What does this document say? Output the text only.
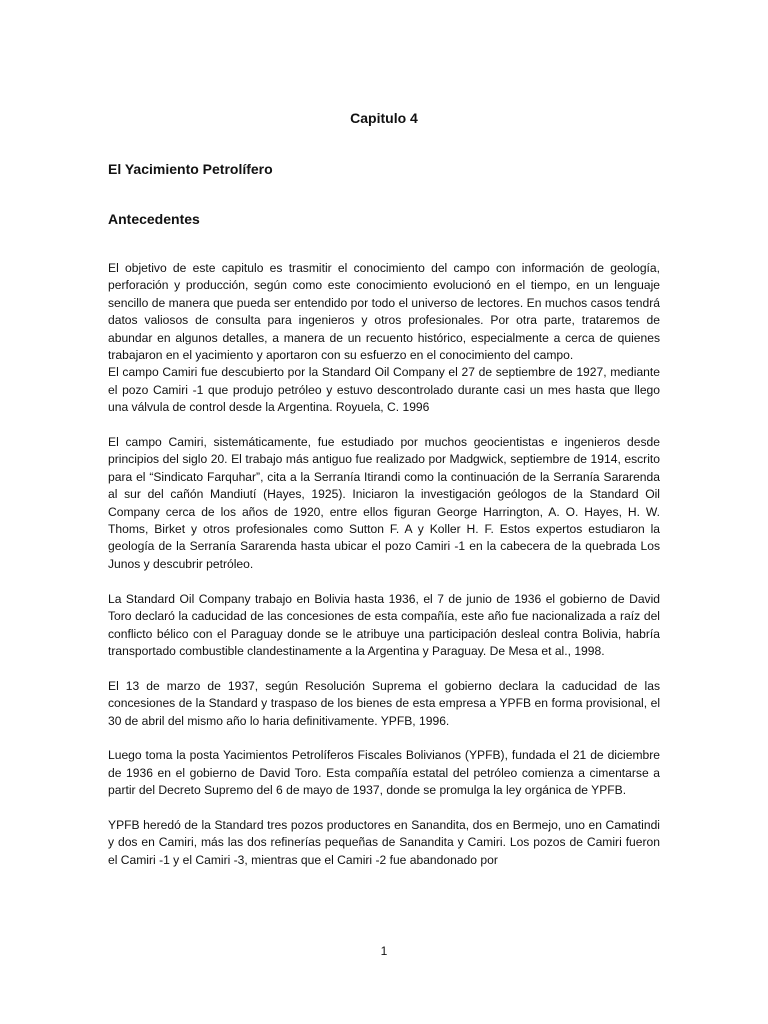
Capitulo 4
El Yacimiento Petrolífero
Antecedentes

El objetivo de este capitulo es trasmitir el conocimiento del campo con información de geología, perforación y producción, según como este conocimiento evolucionó en el tiempo, en un lenguaje sencillo de manera que pueda ser entendido por todo el universo de lectores. En muchos casos tendrá datos valiosos de consulta para ingenieros y otros profesionales. Por otra parte, trataremos de abundar en algunos detalles, a manera de un recuento histórico, especialmente a cerca de quienes trabajaron en el yacimiento y aportaron con su esfuerzo en el conocimiento del campo.

El campo Camiri fue descubierto por la Standard Oil Company el 27 de septiembre de 1927, mediante el pozo Camiri -1 que produjo petróleo y estuvo descontrolado durante casi un mes hasta que llego una válvula de control desde la Argentina. Royuela, C. 1996

El campo Camiri, sistemáticamente, fue estudiado por muchos geocientistas e ingenieros desde principios del siglo 20. El trabajo más antiguo fue realizado por Madgwick, septiembre de 1914, escrito para el “Sindicato Farquhar”, cita a la Serranía Itirandi como la continuación de la Serranía Sararenda al sur del cañón Mandiutí (Hayes, 1925). Iniciaron la investigación geólogos de la Standard Oil Company cerca de los años de 1920, entre ellos figuran George Harrington, A. O. Hayes, H. W. Thoms, Birket y otros profesionales como Sutton F. A y Koller H. F. Estos expertos estudiaron la geología de la Serranía Sararenda hasta ubicar el pozo Camiri -1 en la cabecera de la quebrada Los Junos y descubrir petróleo.

La Standard Oil Company trabajo en Bolivia hasta 1936, el 7 de junio de 1936 el gobierno de David Toro declaró la caducidad de las concesiones de esta compañía, este año fue nacionalizada a raíz del conflicto bélico con el Paraguay donde se le atribuye una participación desleal contra Bolivia, habría transportado combustible clandestinamente a la Argentina y Paraguay. De Mesa et al., 1998.

El 13 de marzo de 1937, según Resolución Suprema el gobierno declara la caducidad de las concesiones de la Standard y traspaso de los bienes de esta empresa a YPFB en forma provisional, el 30 de abril del mismo año lo haria definitivamente. YPFB, 1996.

Luego toma la posta Yacimientos Petrolíferos Fiscales Bolivianos (YPFB), fundada el 21 de diciembre de 1936 en el gobierno de David Toro. Esta compañía estatal del petróleo comienza a cimentarse a partir del Decreto Supremo del 6 de mayo de 1937, donde se promulga la ley orgánica de YPFB.

YPFB heredó de la Standard tres pozos productores en Sanandita, dos en Bermejo, uno en Camatindi y dos en Camiri, más las dos refinerías pequeñas de Sanandita y Camiri. Los pozos de Camiri fueron el Camiri -1 y el Camiri -3, mientras que el Camiri -2 fue abandonado por

1
